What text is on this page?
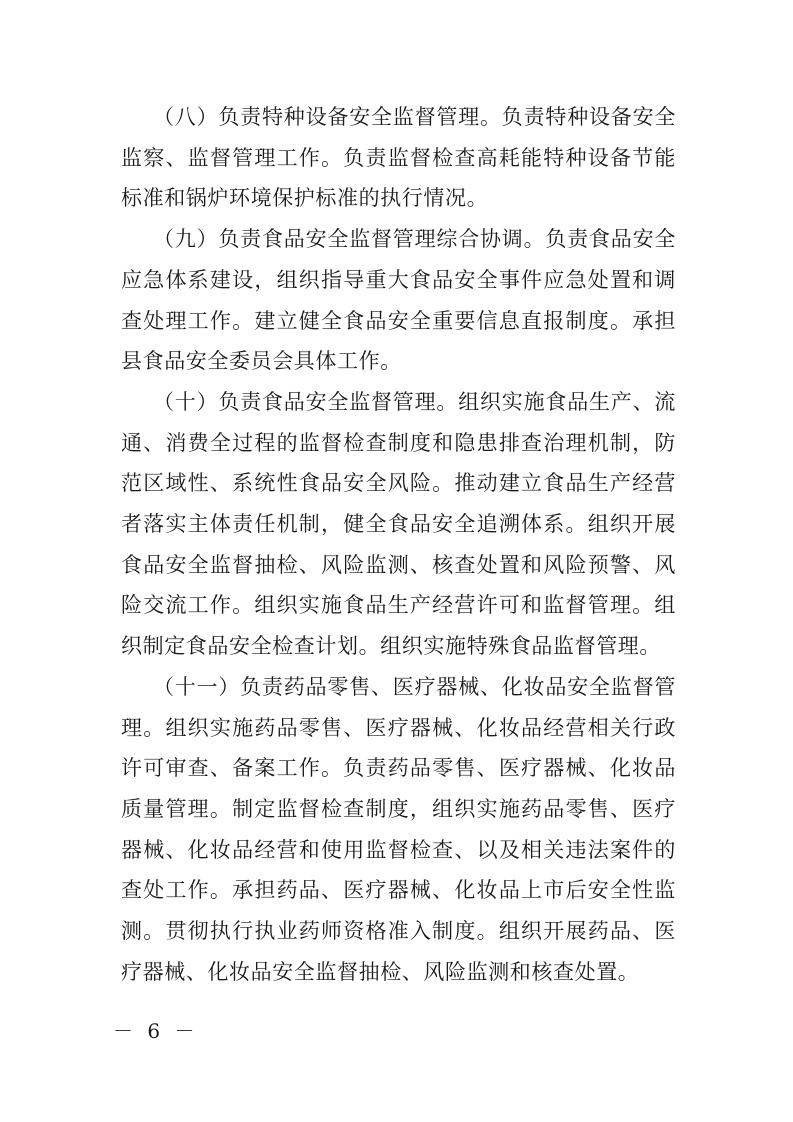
（八）负责特种设备安全监督管理。负责特种设备安全监察、监督管理工作。负责监督检查高耗能特种设备节能标准和锅炉环境保护标准的执行情况。

（九）负责食品安全监督管理综合协调。负责食品安全应急体系建设，组织指导重大食品安全事件应急处置和调查处理工作。建立健全食品安全重要信息直报制度。承担县食品安全委员会具体工作。

（十）负责食品安全监督管理。组织实施食品生产、流通、消费全过程的监督检查制度和隐患排查治理机制，防范区域性、系统性食品安全风险。推动建立食品生产经营者落实主体责任机制，健全食品安全追溯体系。组织开展食品安全监督抽检、风险监测、核查处置和风险预警、风险交流工作。组织实施食品生产经营许可和监督管理。组织制定食品安全检查计划。组织实施特殊食品监督管理。

（十一）负责药品零售、医疗器械、化妆品安全监督管理。组织实施药品零售、医疗器械、化妆品经营相关行政许可审查、备案工作。负责药品零售、医疗器械、化妆品质量管理。制定监督检查制度，组织实施药品零售、医疗器械、化妆品经营和使用监督检查、以及相关违法案件的查处工作。承担药品、医疗器械、化妆品上市后安全性监测。贯彻执行执业药师资格准入制度。组织开展药品、医疗器械、化妆品安全监督抽检、风险监测和核查处置。

－ 6 －
